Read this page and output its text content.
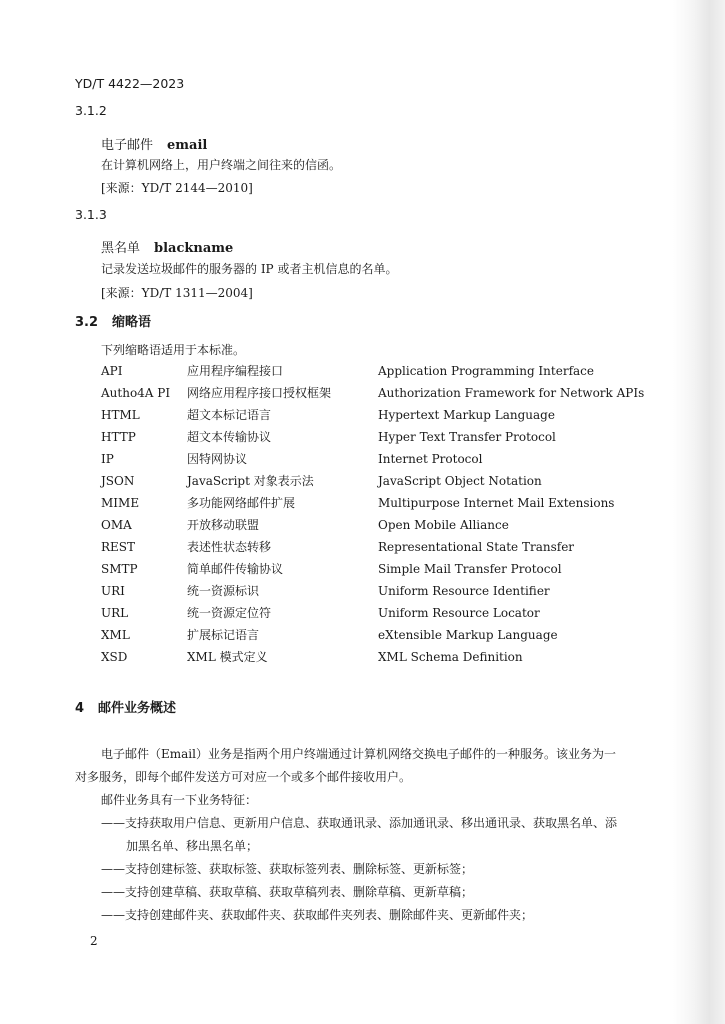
YD/T 4422—2023
3.1.2
电子邮件 email
在计算机网络上，用户终端之间往来的信函。
[来源：YD/T 2144—2010]
3.1.3
黑名单 blackname
记录发送垃圾邮件的服务器的 IP 或者主机信息的名单。
[来源：YD/T 1311—2004]
3.2 缩略语
下列缩略语适用于本标准。
API	应用程序编程接口	Application Programming Interface
Autho4A PI	网络应用程序接口授权框架	Authorization Framework for Network APIs
HTML	超文本标记语言	Hypertext Markup Language
HTTP	超文本传输协议	Hyper Text Transfer Protocol
IP	因特网协议	Internet Protocol
JSON	JavaScript 对象表示法	JavaScript Object Notation
MIME	多功能网络邮件扩展	Multipurpose Internet Mail Extensions
OMA	开放移动联盟	Open Mobile Alliance
REST	表述性状态转移	Representational State Transfer
SMTP	简单邮件传输协议	Simple Mail Transfer Protocol
URI	统一资源标识	Uniform Resource Identifier
URL	统一资源定位符	Uniform Resource Locator
XML	扩展标记语言	eXtensible Markup Language
XSD	XML 模式定义	XML Schema Definition
4 邮件业务概述
电子邮件（Email）业务是指两个用户终端通过计算机网络交换电子邮件的一种服务。该业务为一
对多服务，即每个邮件发送方可对应一个或多个邮件接收用户。
邮件业务具有一下业务特征：
——支持获取用户信息、更新用户信息、获取通讯录、添加通讯录、移出通讯录、获取黑名单、添
加黑名单、移出黑名单；
——支持创建标签、获取标签、获取标签列表、删除标签、更新标签；
——支持创建草稿、获取草稿、获取草稿列表、删除草稿、更新草稿；
——支持创建邮件夹、获取邮件夹、获取邮件夹列表、删除邮件夹、更新邮件夹；
2
